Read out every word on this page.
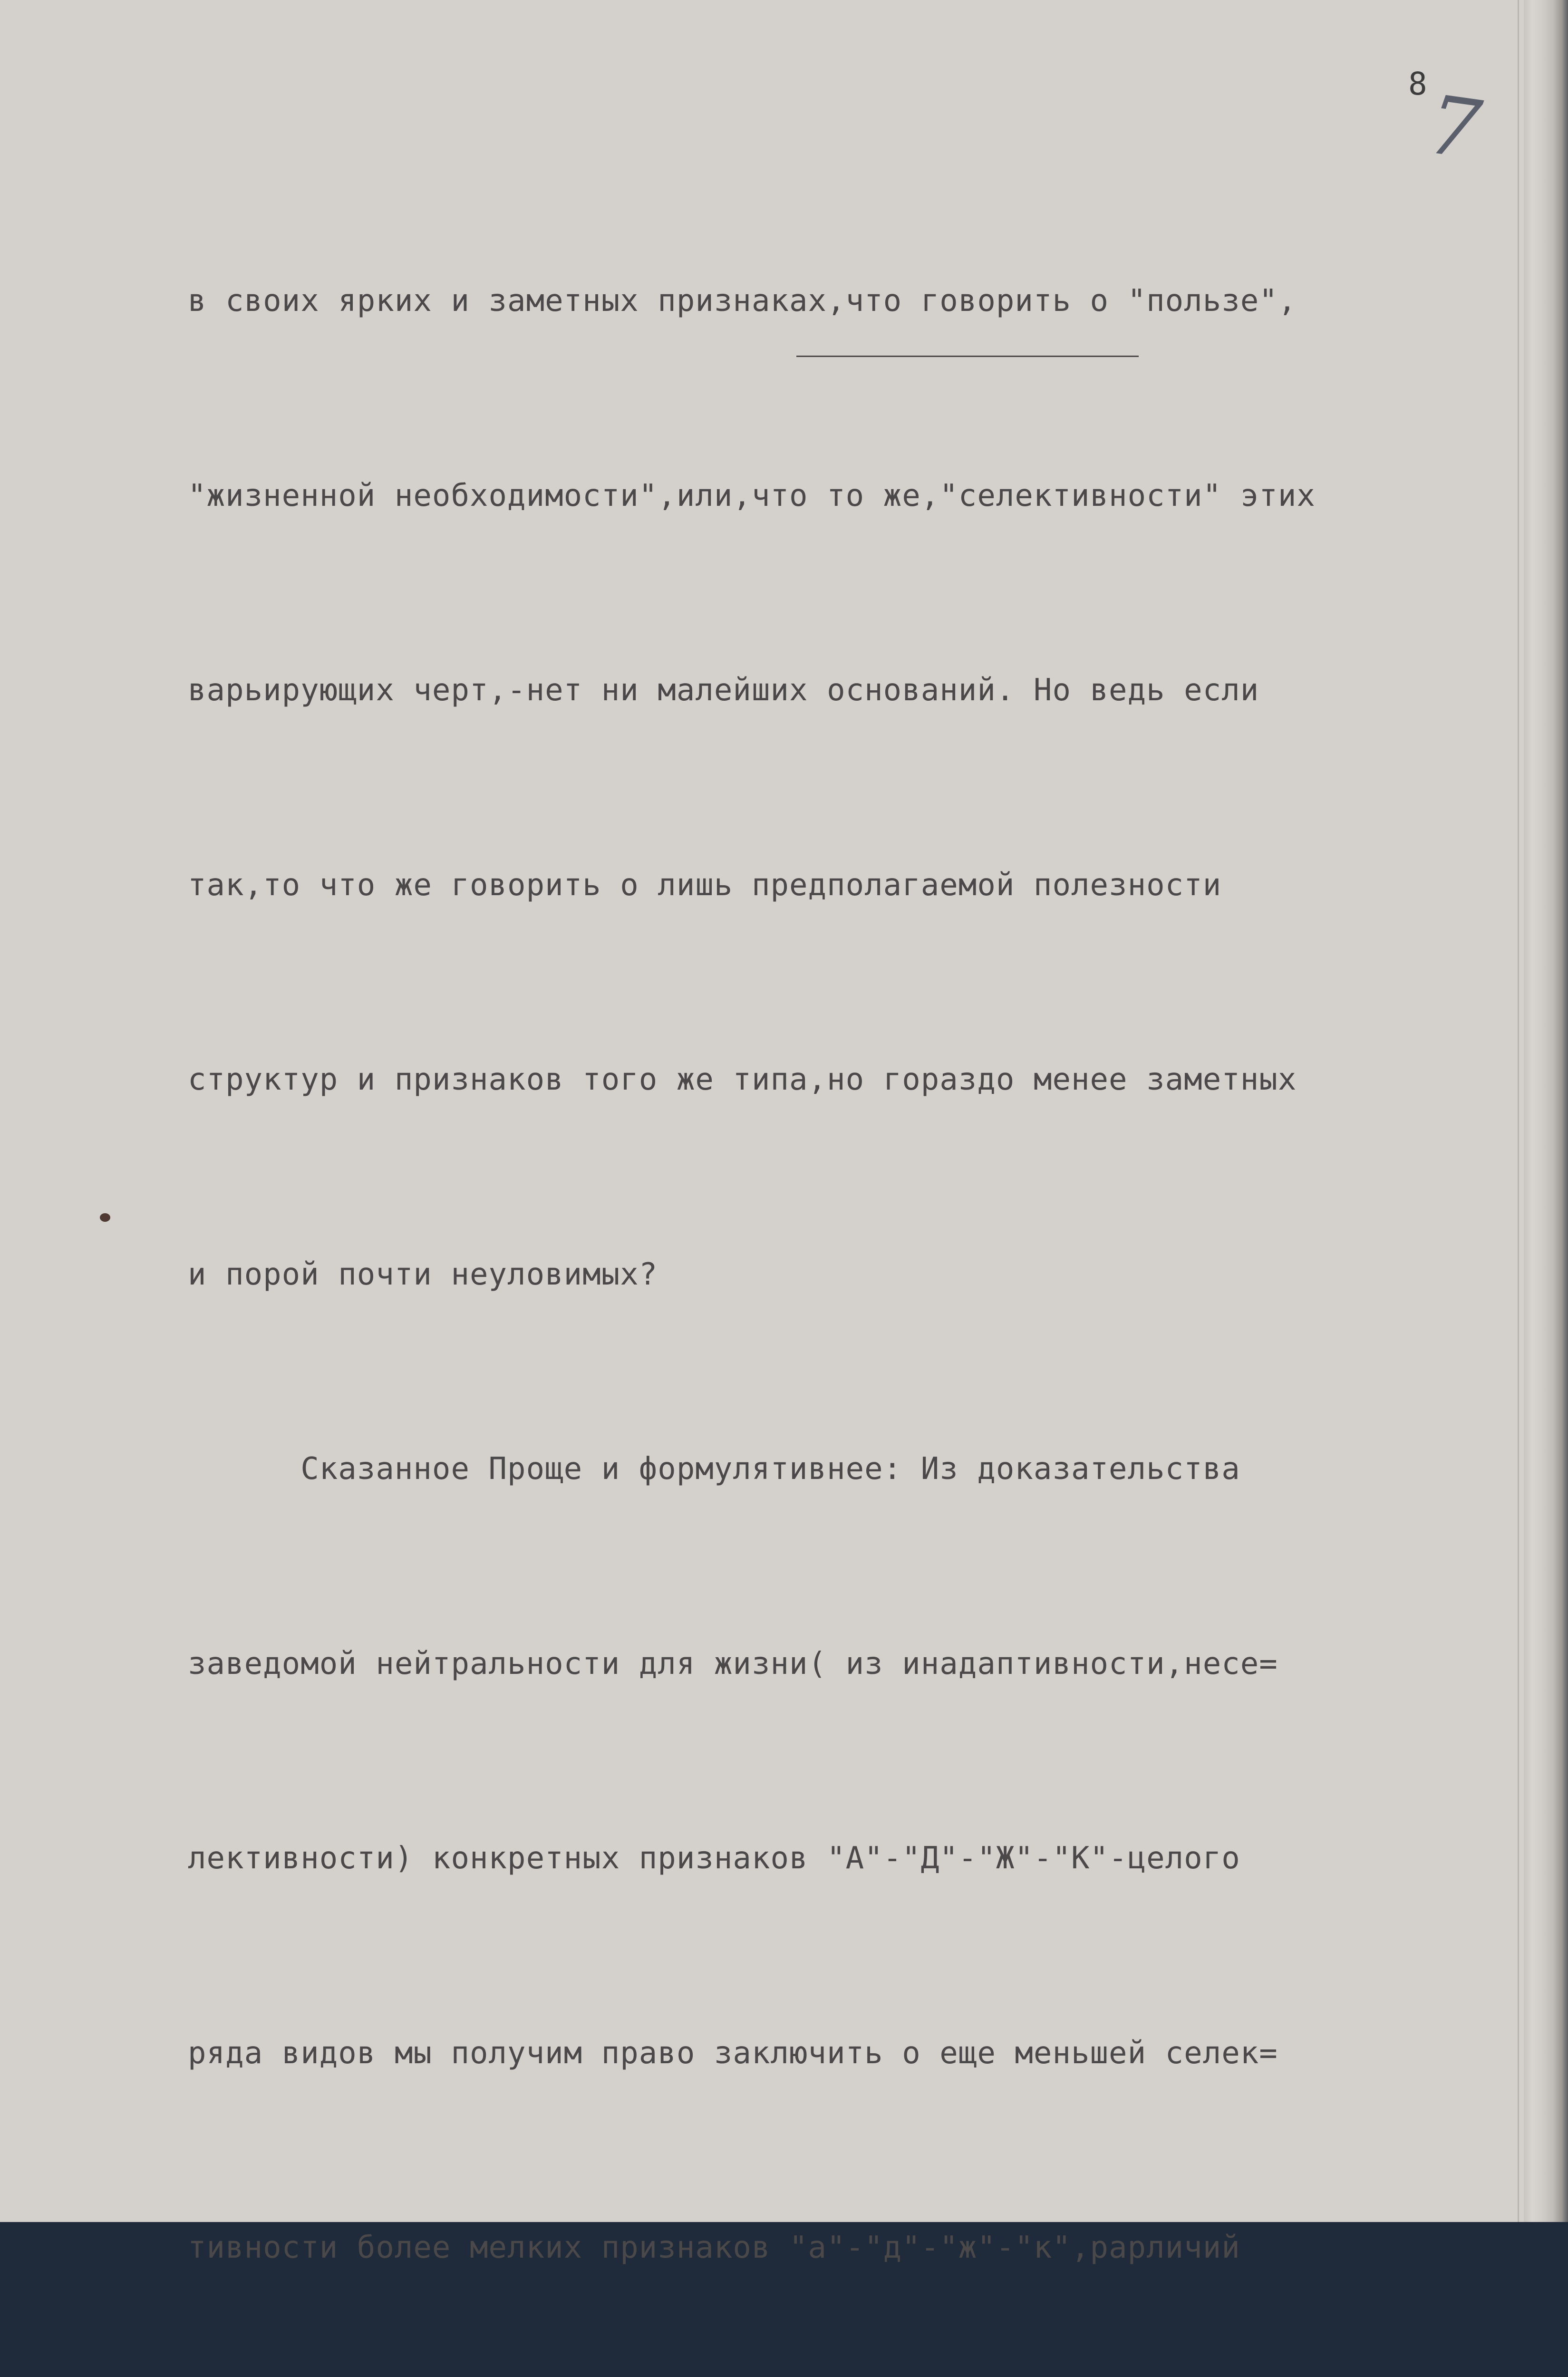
8
7

в своих ярких и заметных признаках,что говорить о "пользе",

"жизненной необходимости",или,что то же,"селективности" этих

варьирующих черт,-нет ни малейших оснований. Но ведь если

так,то что же говорить о лишь предполагаемой полезности

структур и признаков того же типа,но гораздо менее заметных

и порой почти неуловимых?

Сказанное Проще и формулятивнее: Из доказательства

заведомой нейтральности для жизни( из инадаптивности,несе=

лективности) конкретных признаков "А"-"Д"-"Ж"-"К"-целого

ряда видов мы получим право заключить о еще меньшей селек=

тивности более мелких признаков "а"-"д"-"ж"-"к",рарличий
